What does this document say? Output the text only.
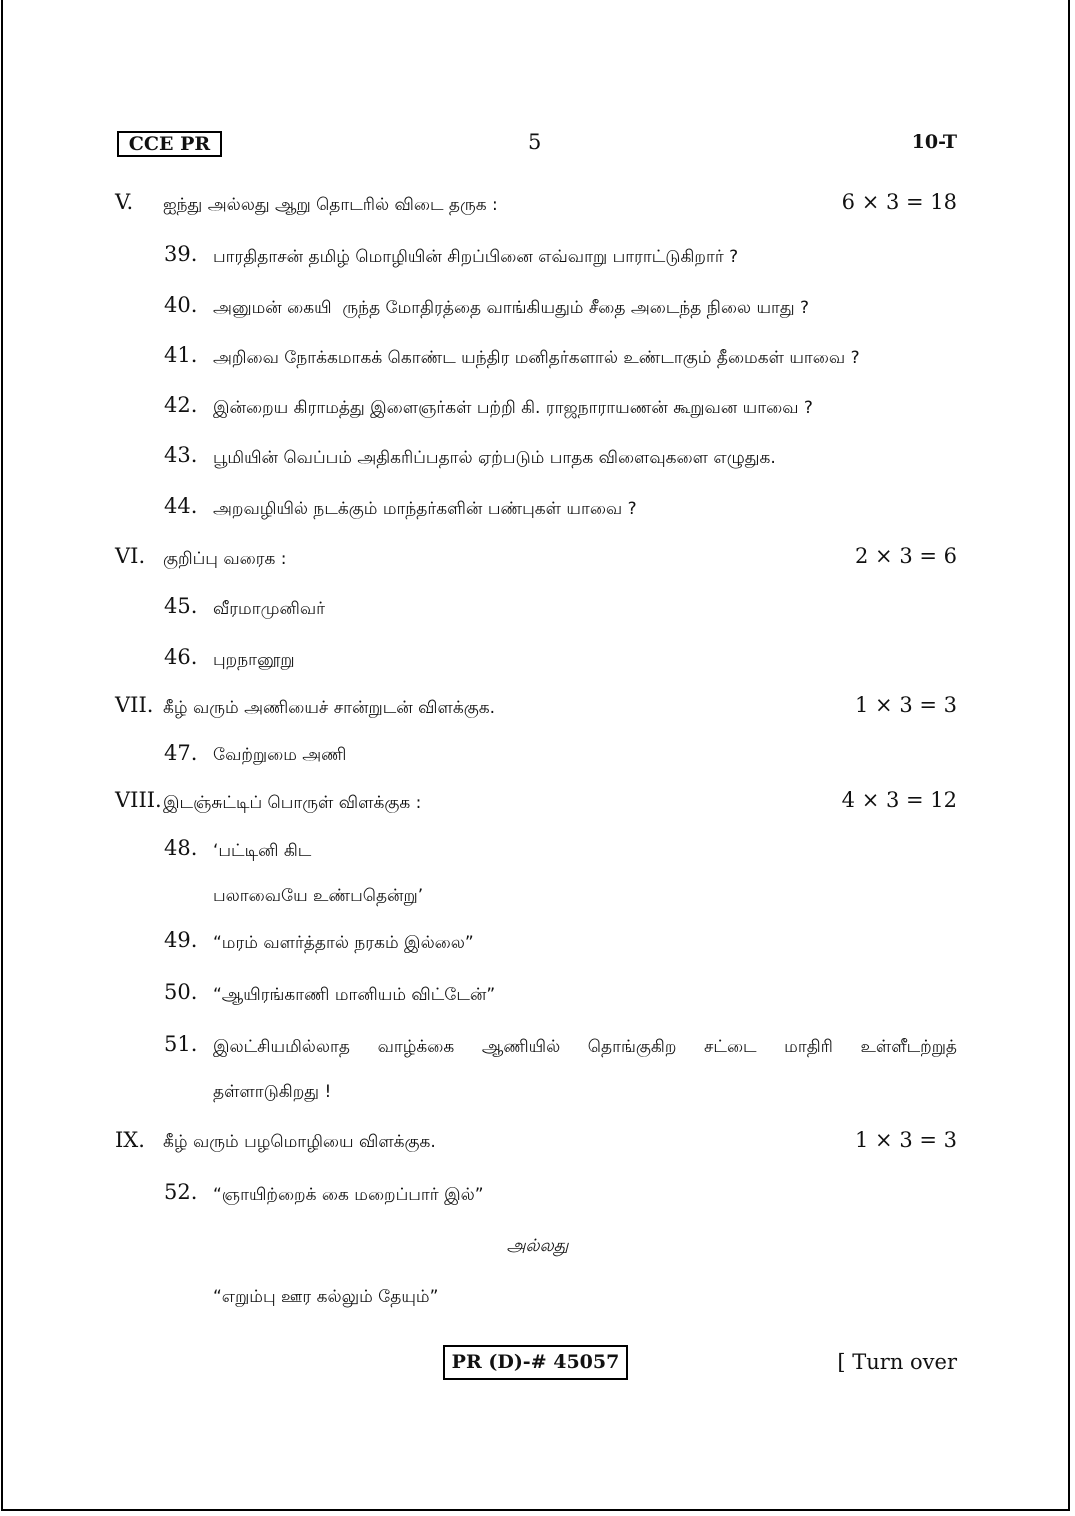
CCE PR	5	10-T
V. ஐந்து அல்லது ஆறு தொடரில் விடை தருக :	6 × 3 = 18
39. பாரதிதாசன் தமிழ் மொழியின் சிறப்பினை எவ்வாறு பாராட்டுகிறார் ?
40. அனுமன் கையி  ருந்த மோதிரத்தை வாங்கியதும் சீதை அடைந்த நிலை யாது ?
41. அறிவை நோக்கமாகக் கொண்ட யந்திர மனிதர்களால் உண்டாகும் தீமைகள் யாவை ?
42. இன்றைய கிராமத்து இளைஞர்கள் பற்றி கி. ராஜநாராயணன் கூறுவன யாவை ?
43. பூமியின் வெப்பம் அதிகரிப்பதால் ஏற்படும் பாதக விளைவுகளை எழுதுக.
44. அறவழியில் நடக்கும் மாந்தர்களின் பண்புகள் யாவை ?
VI. குறிப்பு வரைக :	2 × 3 = 6
45. வீரமாமுனிவர்
46. புறநானூறு
VII. கீழ் வரும் அணியைச் சான்றுடன் விளக்குக.	1 × 3 = 3
47. வேற்றுமை அணி
VIII. இடஞ்சுட்டிப் பொருள் விளக்குக :	4 × 3 = 12
48. ‘பட்டினி கிட
பலாவையே உண்பதென்று’
49. “மரம் வளர்த்தால் நரகம் இல்லை”
50. “ஆயிரங்காணி மானியம் விட்டேன்”
51. இலட்சியமில்லாத வாழ்க்கை ஆணியில் தொங்குகிற சட்டை மாதிரி உள்ளீடற்றுத்
தள்ளாடுகிறது !
IX. கீழ் வரும் பழமொழியை விளக்குக.	1 × 3 = 3
52. “ஞாயிற்றைக் கை மறைப்பார் இல்”
அல்லது
“எறும்பு ஊர கல்லும் தேயும்”
PR (D)-# 45057	[ Turn over
